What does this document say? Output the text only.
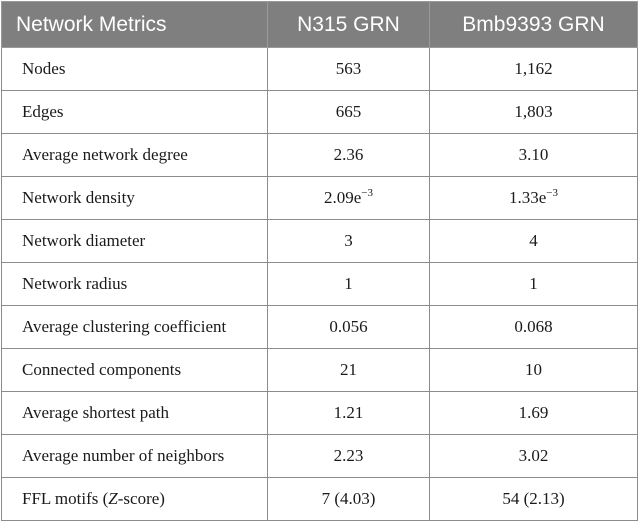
Network Metrics	N315 GRN	Bmb9393 GRN
Nodes	563	1,162
Edges	665	1,803
Average network degree	2.36	3.10
Network density	$2.09e^{-3}$	$1.33e^{-3}$
Network diameter	3	4
Network radius	1	1
Average clustering coefficient	0.056	0.068
Connected components	21	10
Average shortest path	1.21	1.69
Average number of neighbors	2.23	3.02
FFL motifs (Z-score)	7 (4.03)	54 (2.13)
